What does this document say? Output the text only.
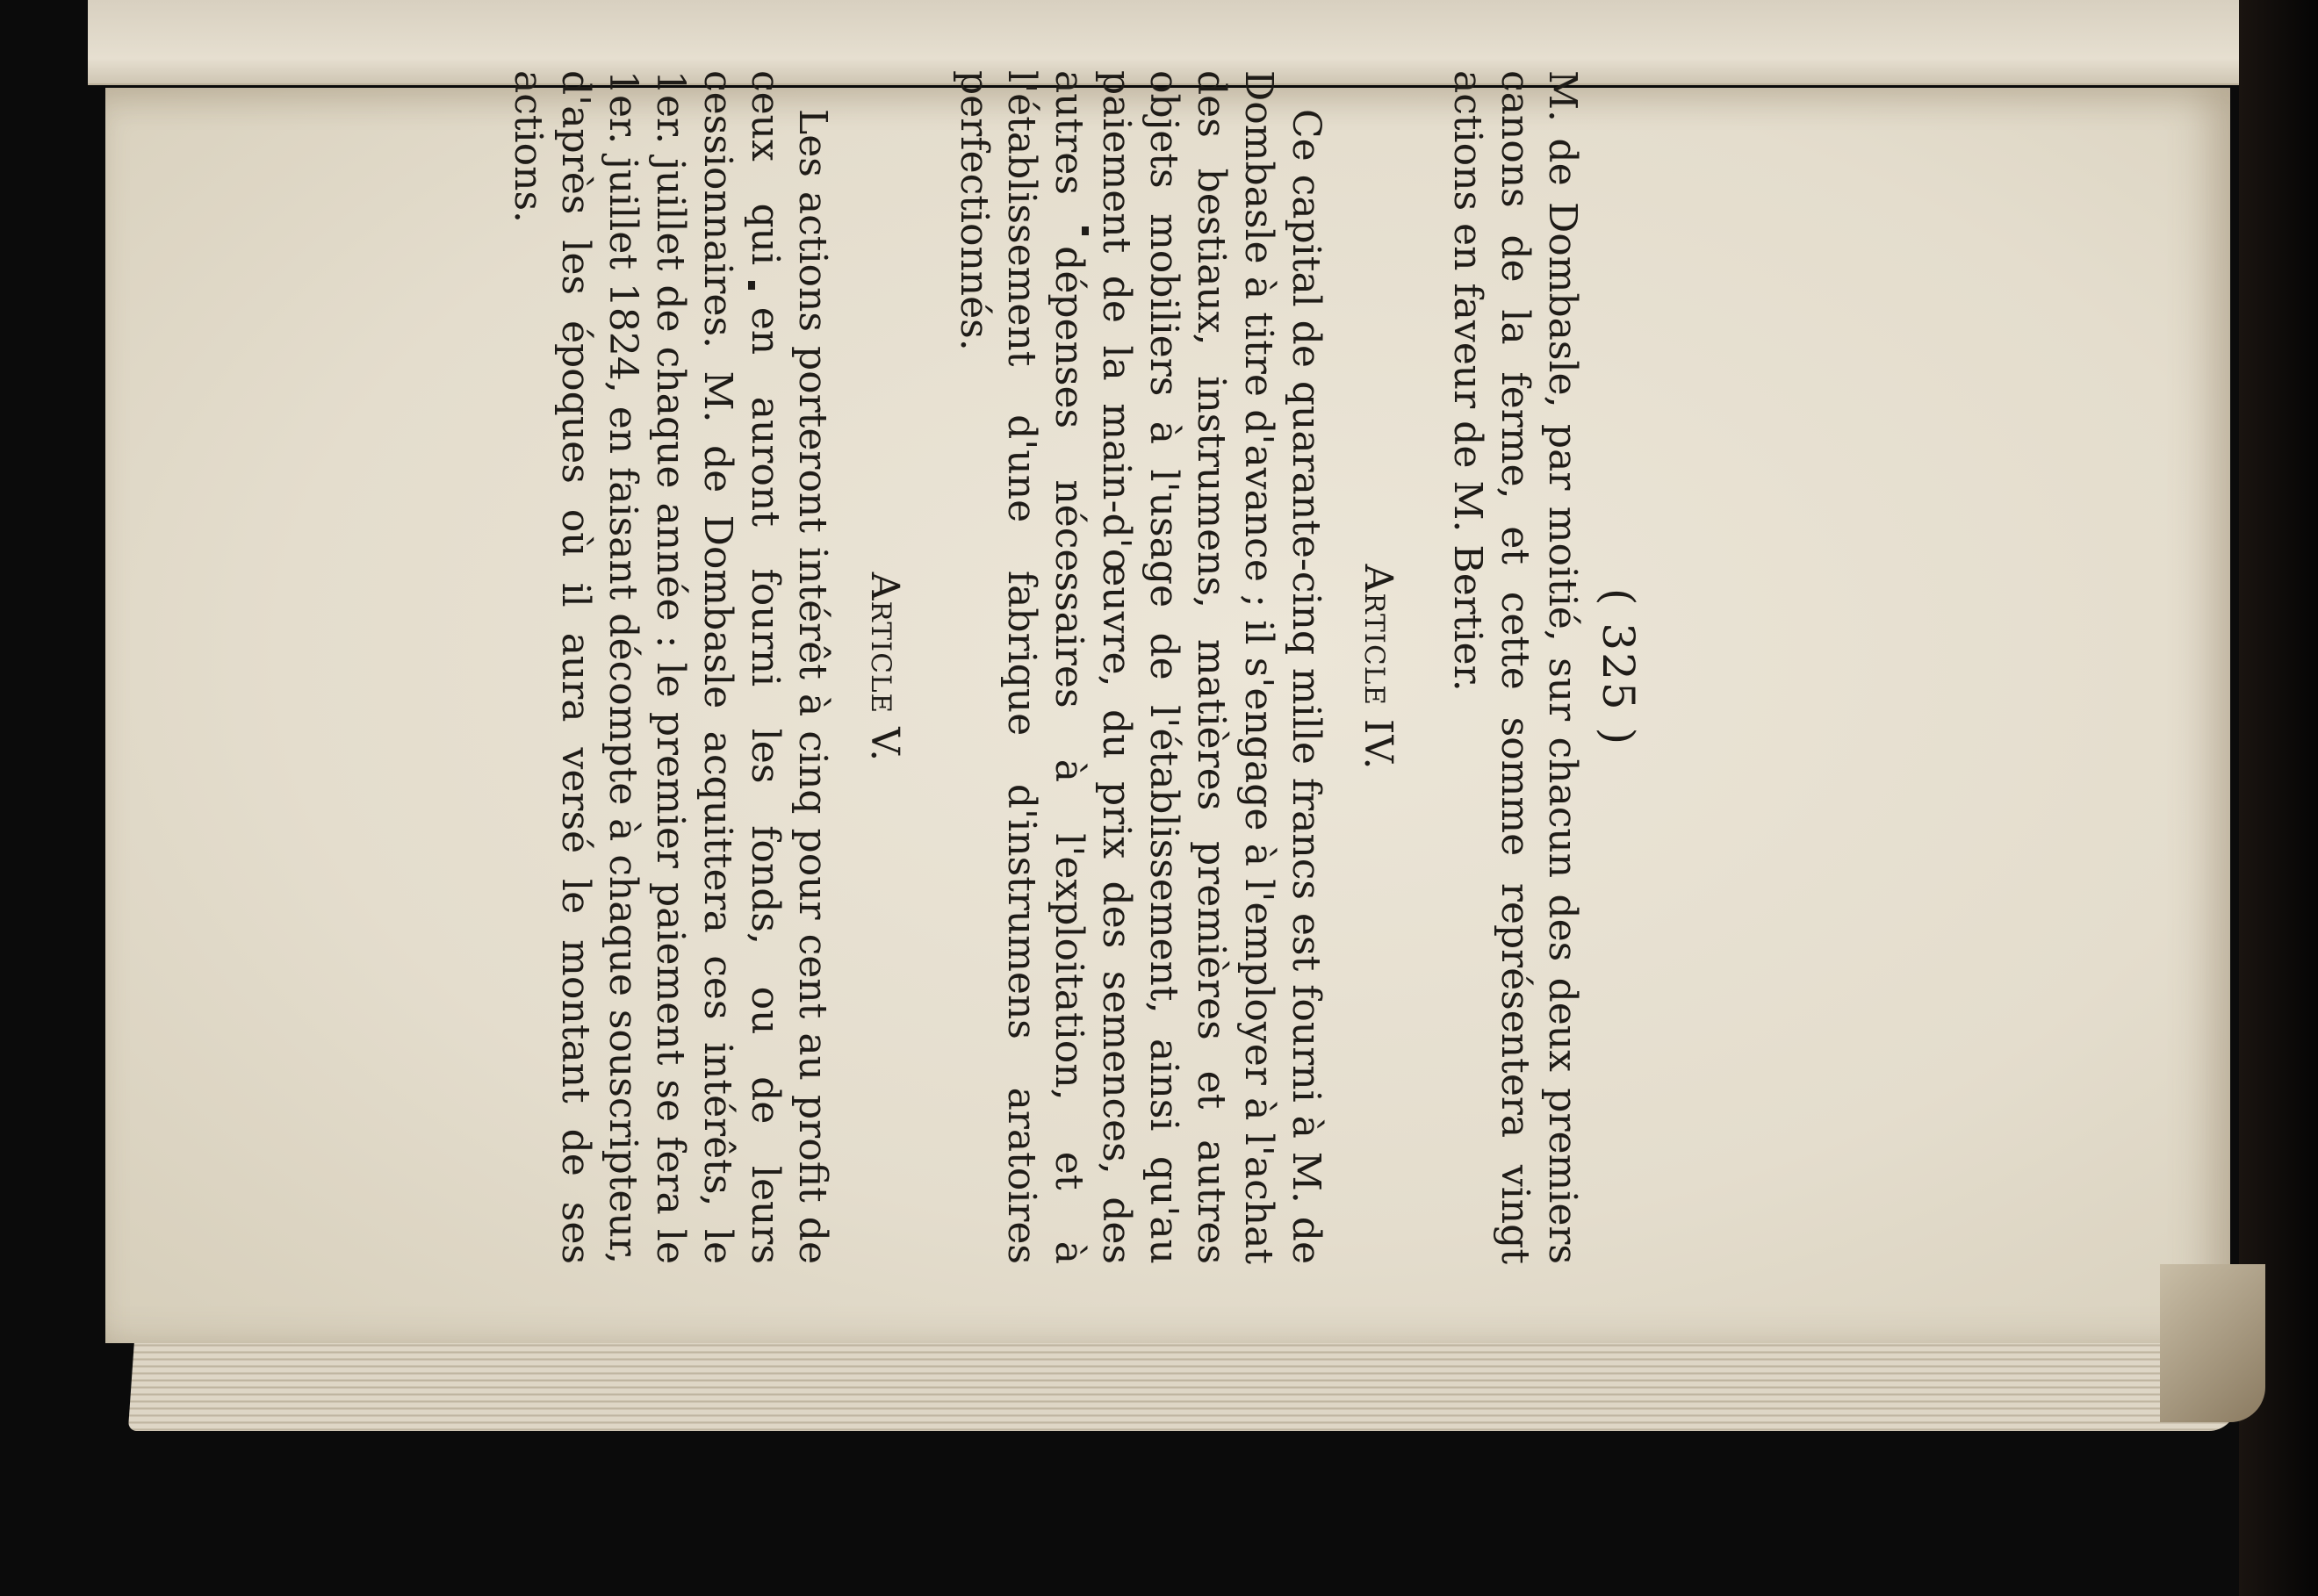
( 325 )

M. de Dombasle, par moitié, sur chacun des deux premiers canons de la ferme, et cette somme représentera vingt actions en faveur de M. Bertier.

Article IV.

Ce capital de quarante-cinq mille francs est fourni à M. de Dombasle à titre d'avance ; il s'engage à l'employer à l'achat des bestiaux, instrumens, matières premières et autres objets mobiliers à l'usage de l'établissement, ainsi qu'au paiement de la main-d'œuvre, du prix des semences, des autres dépenses nécessaires à l'exploitation, et à l'établissement d'une fabrique d'instrumens aratoires perfectionnés.

Article V.

Les actions porteront intérêt à cinq pour cent au profit de ceux qui en auront fourni les fonds, ou de leurs cessionnaires. M. de Dombasle acquittera ces intérêts, le 1er. juillet de chaque année : le premier paiement se fera le 1er. juillet 1824, en faisant décompte à chaque souscripteur, d'après les époques où il aura versé le montant de ses actions.
